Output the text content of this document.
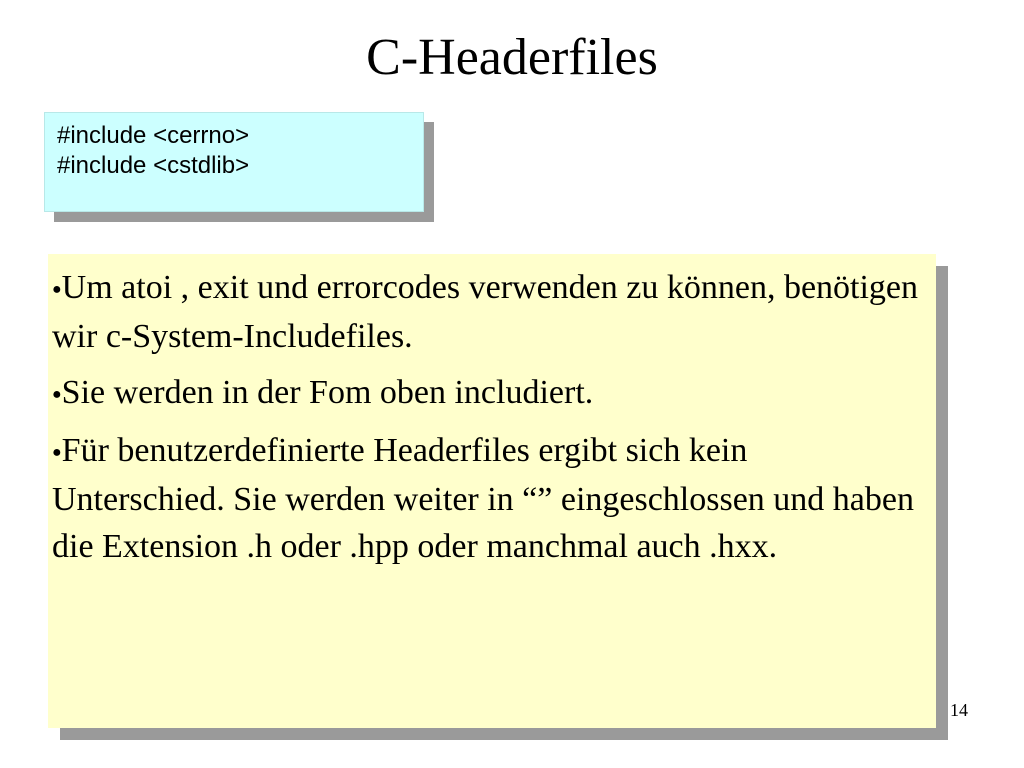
C-Headerfiles
#include <cerrno>
#include <cstdlib>

●Um atoi , exit und errorcodes verwenden zu können, benötigen wir c-System-Includefiles.

●Sie werden in der Fom oben includiert.

●Für benutzerdefinierte Headerfiles ergibt sich kein Unterschied. Sie werden weiter in “” eingeschlossen und haben die Extension .h oder .hpp oder manchmal auch .hxx.

14
